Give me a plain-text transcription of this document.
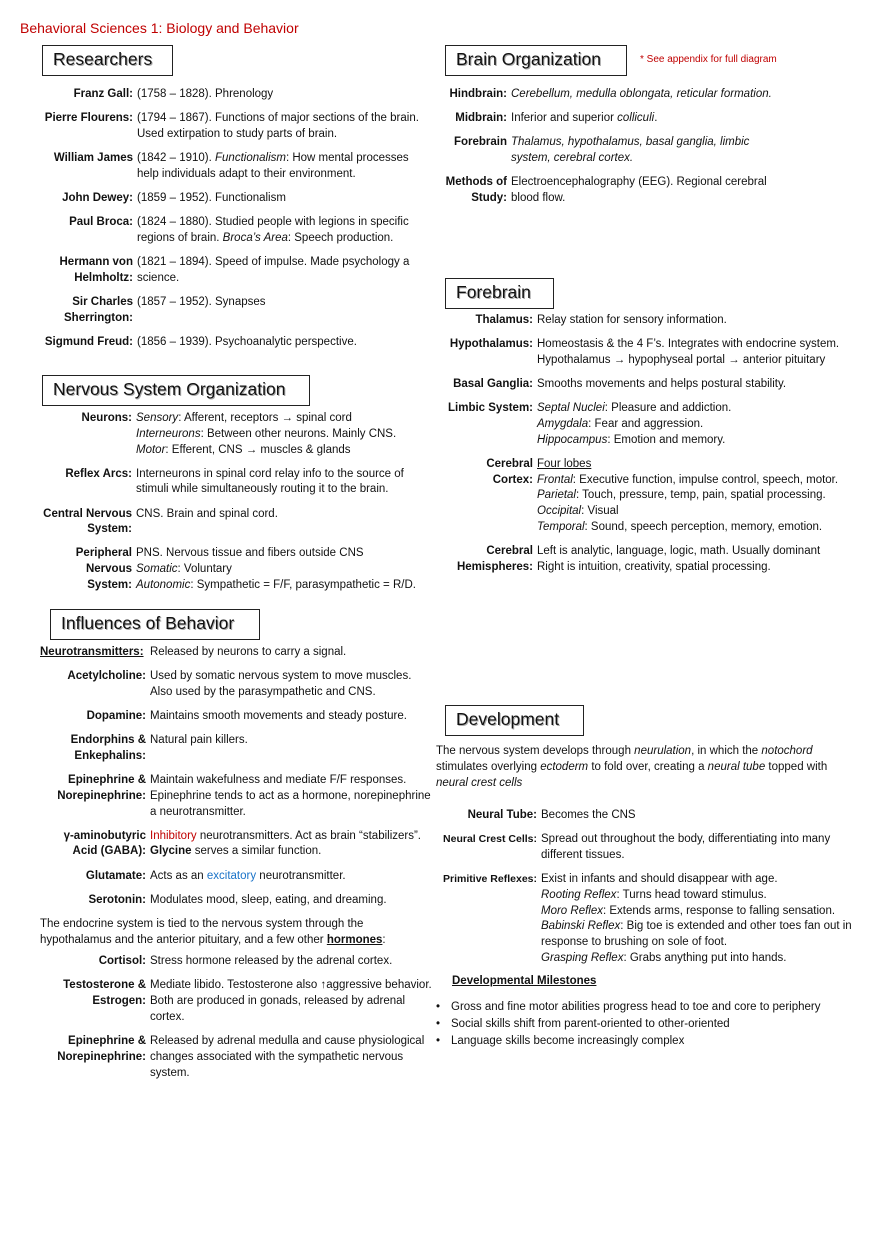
Behavioral Sciences 1: Biology and Behavior
Researchers
Franz Gall: (1758 – 1828). Phrenology
Pierre Flourens: (1794 – 1867). Functions of major sections of the brain. Used extirpation to study parts of brain.
William James (1842 – 1910). Functionalism: How mental processes help individuals adapt to their environment.
John Dewey: (1859 – 1952). Functionalism
Paul Broca: (1824 – 1880). Studied people with legions in specific regions of brain. Broca’s Area: Speech production.
Hermann von Helmholtz:
(1821 – 1894). Speed of impulse. Made psychology a science.
Sir Charles Sherrington:
(1857 – 1952). Synapses
Sigmund Freud: (1856 – 1939). Psychoanalytic perspective.
Nervous System Organization
Neurons: Sensory: Afferent, receptors → spinal cord
Interneurons: Between other neurons. Mainly CNS.
Motor: Efferent, CNS → muscles & glands
Reflex Arcs: Interneurons in spinal cord relay info to the source of stimuli while simultaneously routing it to the brain.
Central Nervous System:
CNS. Brain and spinal cord.
Peripheral Nervous System:
PNS. Nervous tissue and fibers outside CNS
Somatic: Voluntary
Autonomic: Sympathetic = F/F, parasympathetic = R/D.
Influences of Behavior
Neurotransmitters: Released by neurons to carry a signal.
Acetylcholine: Used by somatic nervous system to move muscles. Also used by the parasympathetic and CNS.
Dopamine: Maintains smooth movements and steady posture.
Endorphins & Enkephalins:
Natural pain killers.
Epinephrine & Norepinephrine:
Maintain wakefulness and mediate F/F responses. Epinephrine tends to act as a hormone, norepinephrine a neurotransmitter.
γ-aminobutyric Acid (GABA):
Inhibitory neurotransmitters. Act as brain “stabilizers”. Glycine serves a similar function.
Glutamate: Acts as an excitatory neurotransmitter.
Serotonin: Modulates mood, sleep, eating, and dreaming.
The endocrine system is tied to the nervous system through the hypothalamus and the anterior pituitary, and a few other hormones:
Cortisol: Stress hormone released by the adrenal cortex.
Testosterone & Estrogen:
Mediate libido. Testosterone also ↑aggressive behavior. Both are produced in gonads, released by adrenal cortex.
Epinephrine & Norepinephrine:
Released by adrenal medulla and cause physiological changes associated with the sympathetic nervous system.
Brain Organization	* See appendix for full diagram
Hindbrain: Cerebellum, medulla oblongata, reticular formation.
Midbrain: Inferior and superior colliculi.
Forebrain Thalamus, hypothalamus, basal ganglia, limbic system, cerebral cortex.
Methods of Study:
Electroencephalography (EEG). Regional cerebral blood flow.
Forebrain
Thalamus: Relay station for sensory information.
Hypothalamus: Homeostasis & the 4 F’s. Integrates with endocrine system.
Hypothalamus → hypophyseal portal → anterior pituitary
Basal Ganglia: Smooths movements and helps postural stability.
Limbic System: Septal Nuclei: Pleasure and addiction.
Amygdala: Fear and aggression.
Hippocampus: Emotion and memory.
Cerebral Cortex:
Four lobes
Frontal: Executive function, impulse control, speech, motor.
Parietal: Touch, pressure, temp, pain, spatial processing.
Occipital: Visual
Temporal: Sound, speech perception, memory, emotion.
Cerebral Hemispheres:
Left is analytic, language, logic, math. Usually dominant
Right is intuition, creativity, spatial processing.
Development
The nervous system develops through neurulation, in which the notochord stimulates overlying ectoderm to fold over, creating a neural tube topped with neural crest cells
Neural Tube: Becomes the CNS
Neural Crest Cells: Spread out throughout the body, differentiating into many different tissues.
Primitive Reflexes: Exist in infants and should disappear with age.
Rooting Reflex: Turns head toward stimulus.
Moro Reflex: Extends arms, response to falling sensation.
Babinski Reflex: Big toe is extended and other toes fan out in response to brushing on sole of foot.
Grasping Reflex: Grabs anything put into hands.
Developmental Milestones
• Gross and fine motor abilities progress head to toe and core to periphery
• Social skills shift from parent-oriented to other-oriented
• Language skills become increasingly complex
